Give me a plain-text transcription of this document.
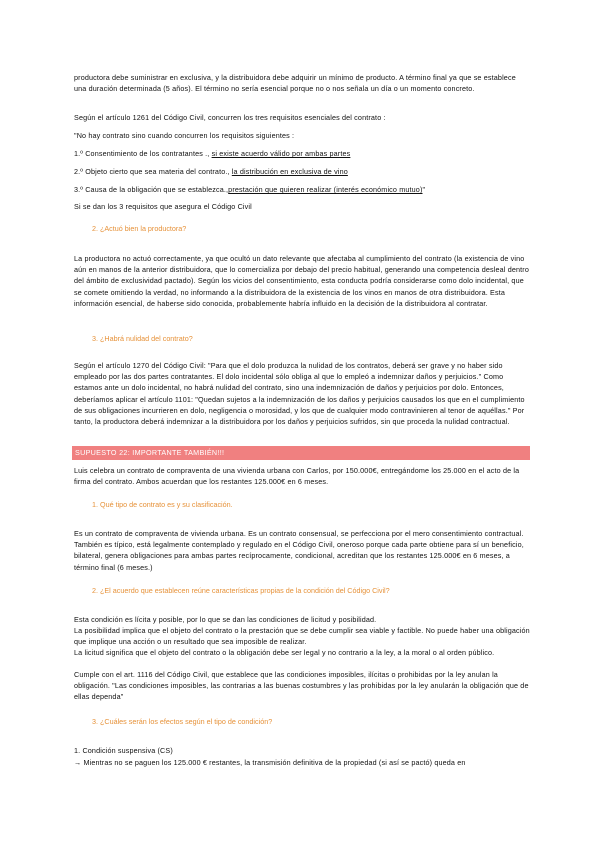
productora debe suministrar en exclusiva, y la distribuidora debe adquirir un mínimo de producto. A término final ya que se establece una duración determinada (5 años). El término no sería esencial porque no o nos señala un día o un momento concreto.
Según el artículo 1261 del Código Civil, concurren los tres requisitos esenciales del contrato :
"No hay contrato sino cuando concurren los requisitos siguientes :
1.º Consentimiento de los contratantes ., si existe acuerdo válido por ambas partes
2.º Objeto cierto que sea materia del contrato., la distribución en exclusiva de vino
3.º Causa de la obligación que se establezca.,prestación que quieren realizar (interés económico mutuo)"
Si se dan los 3 requisitos que asegura el Código Civil
2. ¿Actuó bien la productora?
La productora no actuó correctamente, ya que ocultó un dato relevante que afectaba al cumplimiento del contrato (la existencia de vino aún en manos de la anterior distribuidora, que lo comercializa por debajo del precio habitual, generando una competencia desleal dentro del ámbito de exclusividad pactado). Según los vicios del consentimiento, esta conducta podría considerarse como dolo incidental, que se comete omitiendo la verdad, no informando a la distribuidora de la existencia de los vinos en manos de otra distribuidora. Esta información esencial, de haberse sido conocida, probablemente habría influido en la decisión de la distribuidora al contratar.
3. ¿Habrá nulidad del contrato?
Según el artículo 1270 del Código Civil: "Para que el dolo produzca la nulidad de los contratos, deberá ser grave y no haber sido empleado por las dos partes contratantes. El dolo incidental sólo obliga al que lo empleó a indemnizar daños y perjuicios." Como estamos ante un dolo incidental, no habrá nulidad del contrato, sino una indemnización de daños y perjuicios por dolo. Entonces, deberíamos aplicar el artículo 1101: "Quedan sujetos a la indemnización de los daños y perjuicios causados los que en el cumplimiento de sus obligaciones incurrieren en dolo, negligencia o morosidad, y los que de cualquier modo contravinieren al tenor de aquéllas." Por tanto, la productora deberá indemnizar a la distribuidora por los daños y perjuicios sufridos, sin que proceda la nulidad contractual.
SUPUESTO 22: IMPORTANTE TAMBIÉN!!!
Luis celebra un contrato de compraventa de una vivienda urbana con Carlos, por 150.000€, entregándome los 25.000 en el acto de la firma del contrato. Ambos acuerdan que los restantes 125.000€ en 6 meses.
1. Qué tipo de contrato es y su clasificación.
Es un contrato de compraventa de vivienda urbana. Es un contrato consensual, se perfecciona por el mero consentimiento contractual. También es típico, está legalmente contemplado y regulado en el Código Civil, oneroso porque cada parte obtiene para sí un beneficio, bilateral, genera obligaciones para ambas partes recíprocamente, condicional, acreditan que los restantes 125.000€ en 6 meses, a término final (6 meses.)
2. ¿El acuerdo que establecen reúne características propias de la condición del Código Civil?
Esta condición es lícita y posible, por lo que se dan las condiciones de licitud y posibilidad.
La posibilidad implica que el objeto del contrato o la prestación que se debe cumplir sea viable y factible. No puede haber una obligación que implique una acción o un resultado que sea imposible de realizar.
La licitud significa que el objeto del contrato o la obligación debe ser legal y no contrario a la ley, a la moral o al orden público.
Cumple con el art. 1116 del Código Civil, que establece que las condiciones imposibles, ilícitas o prohibidas por la ley anulan la obligación. "Las condiciones imposibles, las contrarias a las buenas costumbres y las prohibidas por la ley anularán la obligación que de ellas dependa"
3. ¿Cuáles serán los efectos según el tipo de condición?
1. Condición suspensiva (CS)
→ Mientras no se paguen los 125.000 € restantes, la transmisión definitiva de la propiedad (si así se pactó) queda en
